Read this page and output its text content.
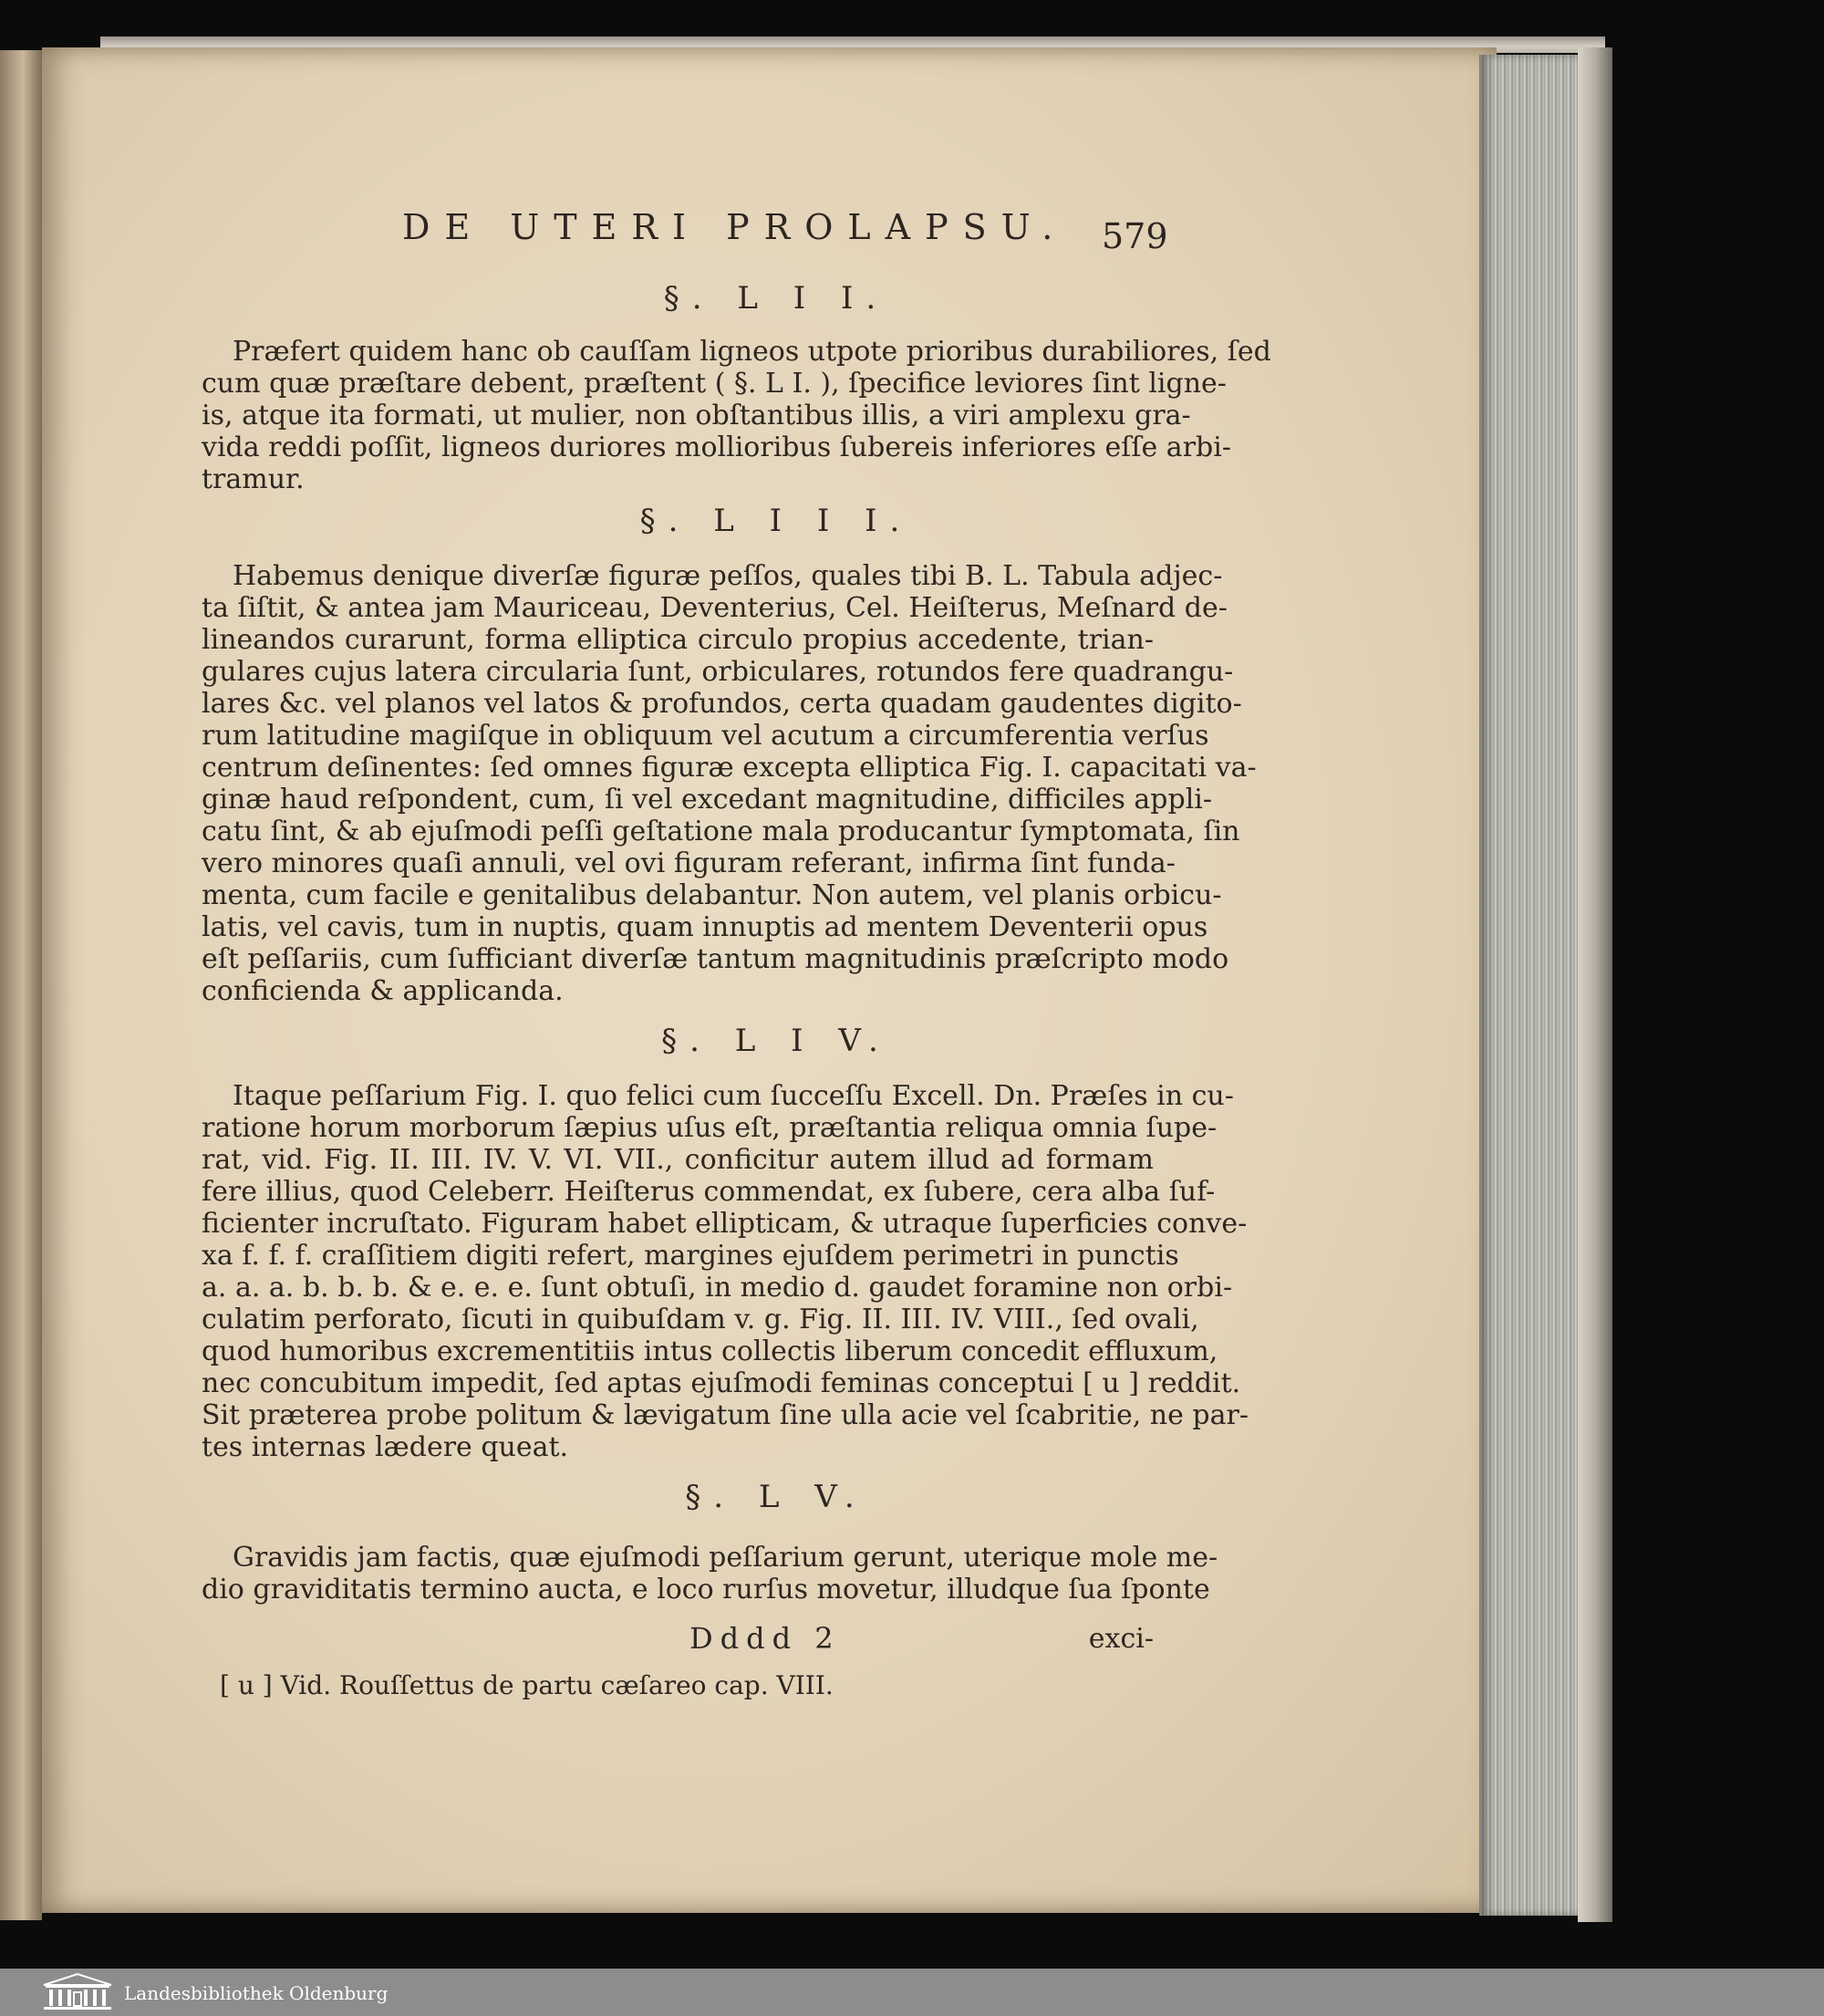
DE UTERI PROLAPSU. 579
§. L I I.
Præfert quidem hanc ob cauſſam ligneos utpote prioribus durabiliores, ſed
cum quæ præſtare debent, præſtent ( §. L I. ), ſpecifice leviores ſint ligne-
is, atque ita formati, ut mulier, non obſtantibus illis, a viri amplexu gra-
vida reddi poſſit, ligneos duriores mollioribus ſubereis inferiores eſſe arbi-
tramur.
§. L I I I.
Habemus denique diverſæ figuræ peſſos, quales tibi B. L. Tabula adjec-
ta ſiſtit, & antea jam Mauriceau, Deventerius, Cel. Heiſterus, Meſnard de-
lineandos curarunt, forma elliptica circulo propius accedente, trian-
gulares cujus latera circularia ſunt, orbiculares, rotundos fere quadrangu-
lares &c. vel planos vel latos & profundos, certa quadam gaudentes digito-
rum latitudine magiſque in obliquum vel acutum a circumferentia verſus
centrum deſinentes: ſed omnes figuræ excepta elliptica Fig. I. capacitati va-
ginæ haud reſpondent, cum, ſi vel excedant magnitudine, difficiles appli-
catu ſint, & ab ejuſmodi peſſi geſtatione mala producantur ſymptomata, ſin
vero minores quaſi annuli, vel ovi figuram referant, infirma ſint funda-
menta, cum facile e genitalibus delabantur. Non autem, vel planis orbicu-
latis, vel cavis, tum in nuptis, quam innuptis ad mentem Deventerii opus
eſt peſſariis, cum ſufficiant diverſæ tantum magnitudinis præſcripto modo
conficienda & applicanda.
§. L I V.
Itaque peſſarium Fig. I. quo felici cum ſucceſſu Excell. Dn. Præſes in cu-
ratione horum morborum ſæpius uſus eſt, præſtantia reliqua omnia ſupe-
rat, vid. Fig. II. III. IV. V. VI. VII., conficitur autem illud ad formam
fere illius, quod Celeberr. Heiſterus commendat, ex ſubere, cera alba ſuf-
ficienter incruſtato. Figuram habet ellipticam, & utraque ſuperficies conve-
xa f. f. f. craſſitiem digiti refert, margines ejuſdem perimetri in punctis
a. a. a. b. b. b. & e. e. e. ſunt obtuſi, in medio d. gaudet foramine non orbi-
culatim perforato, ſicuti in quibuſdam v. g. Fig. II. III. IV. VIII., ſed ovali,
quod humoribus excrementitiis intus collectis liberum concedit effluxum,
nec concubitum impedit, ſed aptas ejuſmodi feminas conceptui [ u ] reddit.
Sit præterea probe politum & lævigatum ſine ulla acie vel ſcabritie, ne par-
tes internas lædere queat.
§. L V.
Gravidis jam factis, quæ ejuſmodi peſſarium gerunt, uterique mole me-
dio graviditatis termino aucta, e loco rurſus movetur, illudque ſua ſponte
Dddd 2	exci-
[ u ] Vid. Rouſſettus de partu cæſareo cap. VIII.
Landesbibliothek Oldenburg
